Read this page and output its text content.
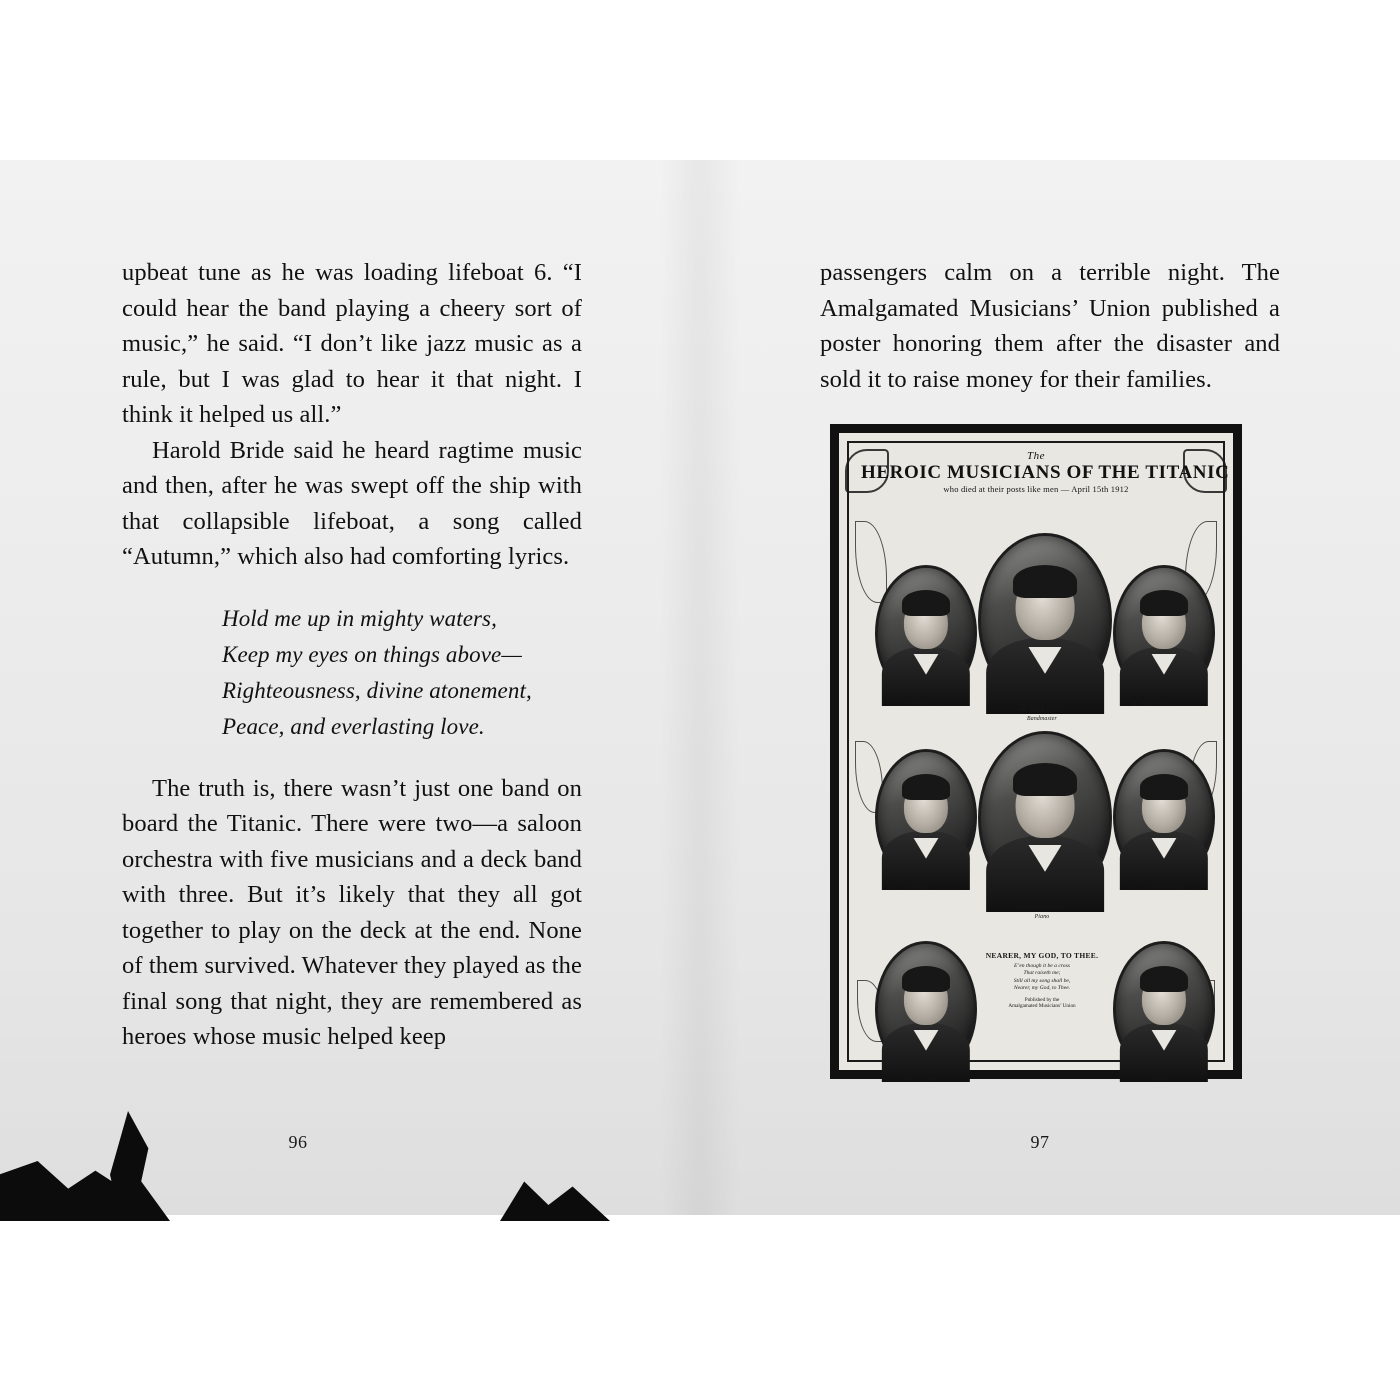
upbeat tune as he was loading lifeboat 6. “I could hear the band playing a cheery sort of music,” he said. “I don’t like jazz music as a rule, but I was glad to hear it that night. I think it helped us all.”

Harold Bride said he heard ragtime music and then, after he was swept off the ship with that collapsible lifeboat, a song called “Autumn,” which also had comforting lyrics.

Hold me up in mighty waters,
Keep my eyes on things above—
Righteousness, divine atonement,
Peace, and everlasting love.

The truth is, there wasn’t just one band on board the Titanic. There were two—a saloon orchestra with five musicians and a deck band with three. But it’s likely that they all got together to play on the deck at the end. None of them survived. Whatever they played as the final song that night, they are remembered as heroes whose music helped keep

96

passengers calm on a terrible night. The Amalgamated Musicians’ Union published a poster honoring them after the disaster and sold it to raise money for their families.

The
HEROIC MUSICIANS OF THE TITANIC
who died at their posts like men — April 15th 1912
G. KRINS Violin
W. HARTLEY
Bandmaster
R. BRICOUX Cello
W. T. BRAILEY Piano
P. C. TAYLOR
Piano
J. W. WOODWARD Cello
J. F. P. CLARKE Bass
NEARER, MY GOD, TO THEE.
E’en though it be a cross
That raiseth me;
Still all my song shall be,
Nearer, my God, to Thee.
Published by the
Amalgamated Musicians’ Union
J. L. HUME Violin
97
